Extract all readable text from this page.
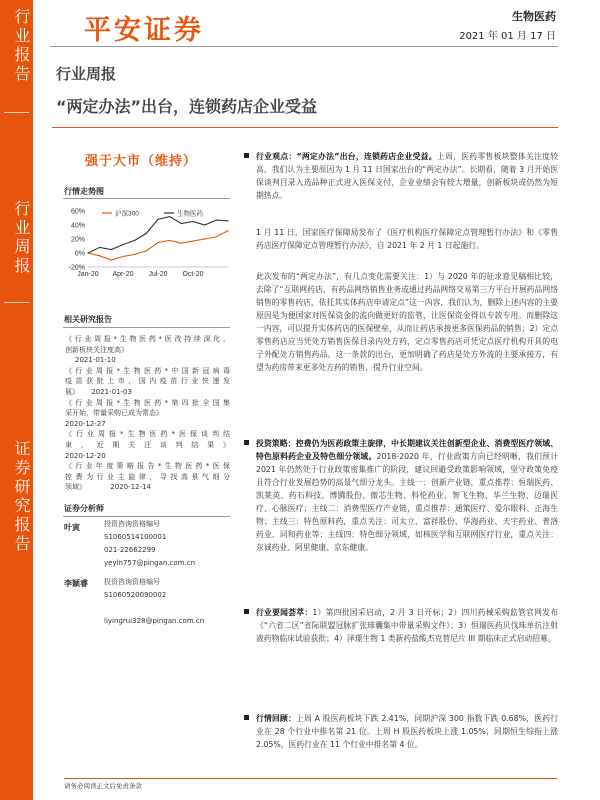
行业报告
行业周报
证券研究报告
平安证券	生物医药
2021 年 01 月 17 日
行业周报
“两定办法”出台，连锁药店企业受益
强于大市（维持）
行情走势图
60%
40%
20%
0%
-20%
Jan-20 Apr-20 Jul-20 Oct-20
沪深300	生物医药
相关研究报告
《行业周报*生物医药*医改持续深化，
创新板块关注度高》
2021-01-10
《行业周报*生物医药*中国新冠病毒
疫苗获批上市，国内疫苗行业快速发
展》 2021-01-03
《行业周报*生物医药*第四批全国集
采开始，带量采购已成为常态》
2020-12-27
《行业周报*生物医药*医保谈判结
束，近期关注谈判结果》
2020-12-20
《行业年度策略报告*生物医药*医保
控费为行业主旋律，寻找高景气细分
领域》	2020-12-14
证券分析师
叶寅	投资咨询资格编号
S1060514100001
021-22662299
yeyin757@pingan.com.cn
李颖睿 投资咨询资格编号
S1060520090002
liyingrui328@pingan.com.cn
行业观点：“两定办法”出台，连锁药店企业受益。上周，医药零售板块整体关注度较高，我们认为主要原因为 1 月 11 日国家出台的“两定办法”。长期看，随着 3 月开始医保谈判目录入选品种正式进入医保支付，企业业绩会有较大增量，创新板块或仍然为短期热点。
1 月 11 日，国家医疗保障局发布了《医疗机构医疗保障定点管理暂行办法》和《零售药店医疗保障定点管理暂行办法》，自 2021 年 2 月 1 日起施行。
此次发布的“两定办法”，有几点变化需要关注：1）与 2020 年的征求意见稿相比较，去除了“互联网药店、有药品网络销售业务或通过药品网络交易第三方平台开展药品网络销售的零售药店，依托其实体药店申请定点”这一内容，我们认为，删除上述内容的主要原因是为便国家对医保资金的流向做更好的监管，让医保资金得以专款专用。而删除这一内容，可以提升实体药店的医保壁垒，从而让药店承接更多医保药品的销售；2）定点零售药店应当凭处方销售医保目录内处方药，定点零售药店可凭定点医疗机构开具的电子外配处方销售药品。这一条款的出台，更加明确了药店是处方外流的主要承接方，有望为药房带来更多处方药的销售，提升行业空间。
投资策略：控费仍为医药政策主旋律，中长期建议关注创新型企业、消费型医疗领域、特色原料药企业及特色细分领域。2018-2020 年，行业政策方向已经明晰，我们预计 2021 年仍然处于行业政策密集推广的阶段，建议回避受政策影响领域，坚守政策免疫且符合行业发展趋势的高景气细分龙头。主线一：创新产业链，重点推荐：恒瑞医药、凯莱英、药石科技、博腾股份、微芯生物、科伦药业、智飞生物、华兰生物、迈瑞医疗、心脉医疗；主线二：消费型医疗产业链，重点推荐：通策医疗、爱尔眼科、正海生物；主线三：特色原料药，重点关注：司太立、富祥股份、华海药业、天宇药业、普洛药业、同和药业等；主线四：特色细分领域，如核医学和互联网医疗行业，重点关注：东诚药业、阿里健康、京东健康。
行业要闻荟萃：1）第四批国采启动，2 月 3 日开标；2）四川药械采购监管官网发布《“六省二区”省际联盟冠脉扩张球囊集中带量采购文件》；3）恒瑞医药贝伐珠单抗注射液药物临床试验获批；4）泽璟生物 1 类新药盐酸杰克替尼片 III 期临床正式启动招募。
行情回顾：上周 A 股医药板块下跌 2.41%，同期沪深 300 指数下跌 0.68%，医药行业在 28 个行业中排名第 21 位。上周 H 股医药板块上涨 1.05%，同期恒生综指上涨 2.05%，医药行业在 11 个行业中排名第 4 位。
请务必阅读正文后免责条款
